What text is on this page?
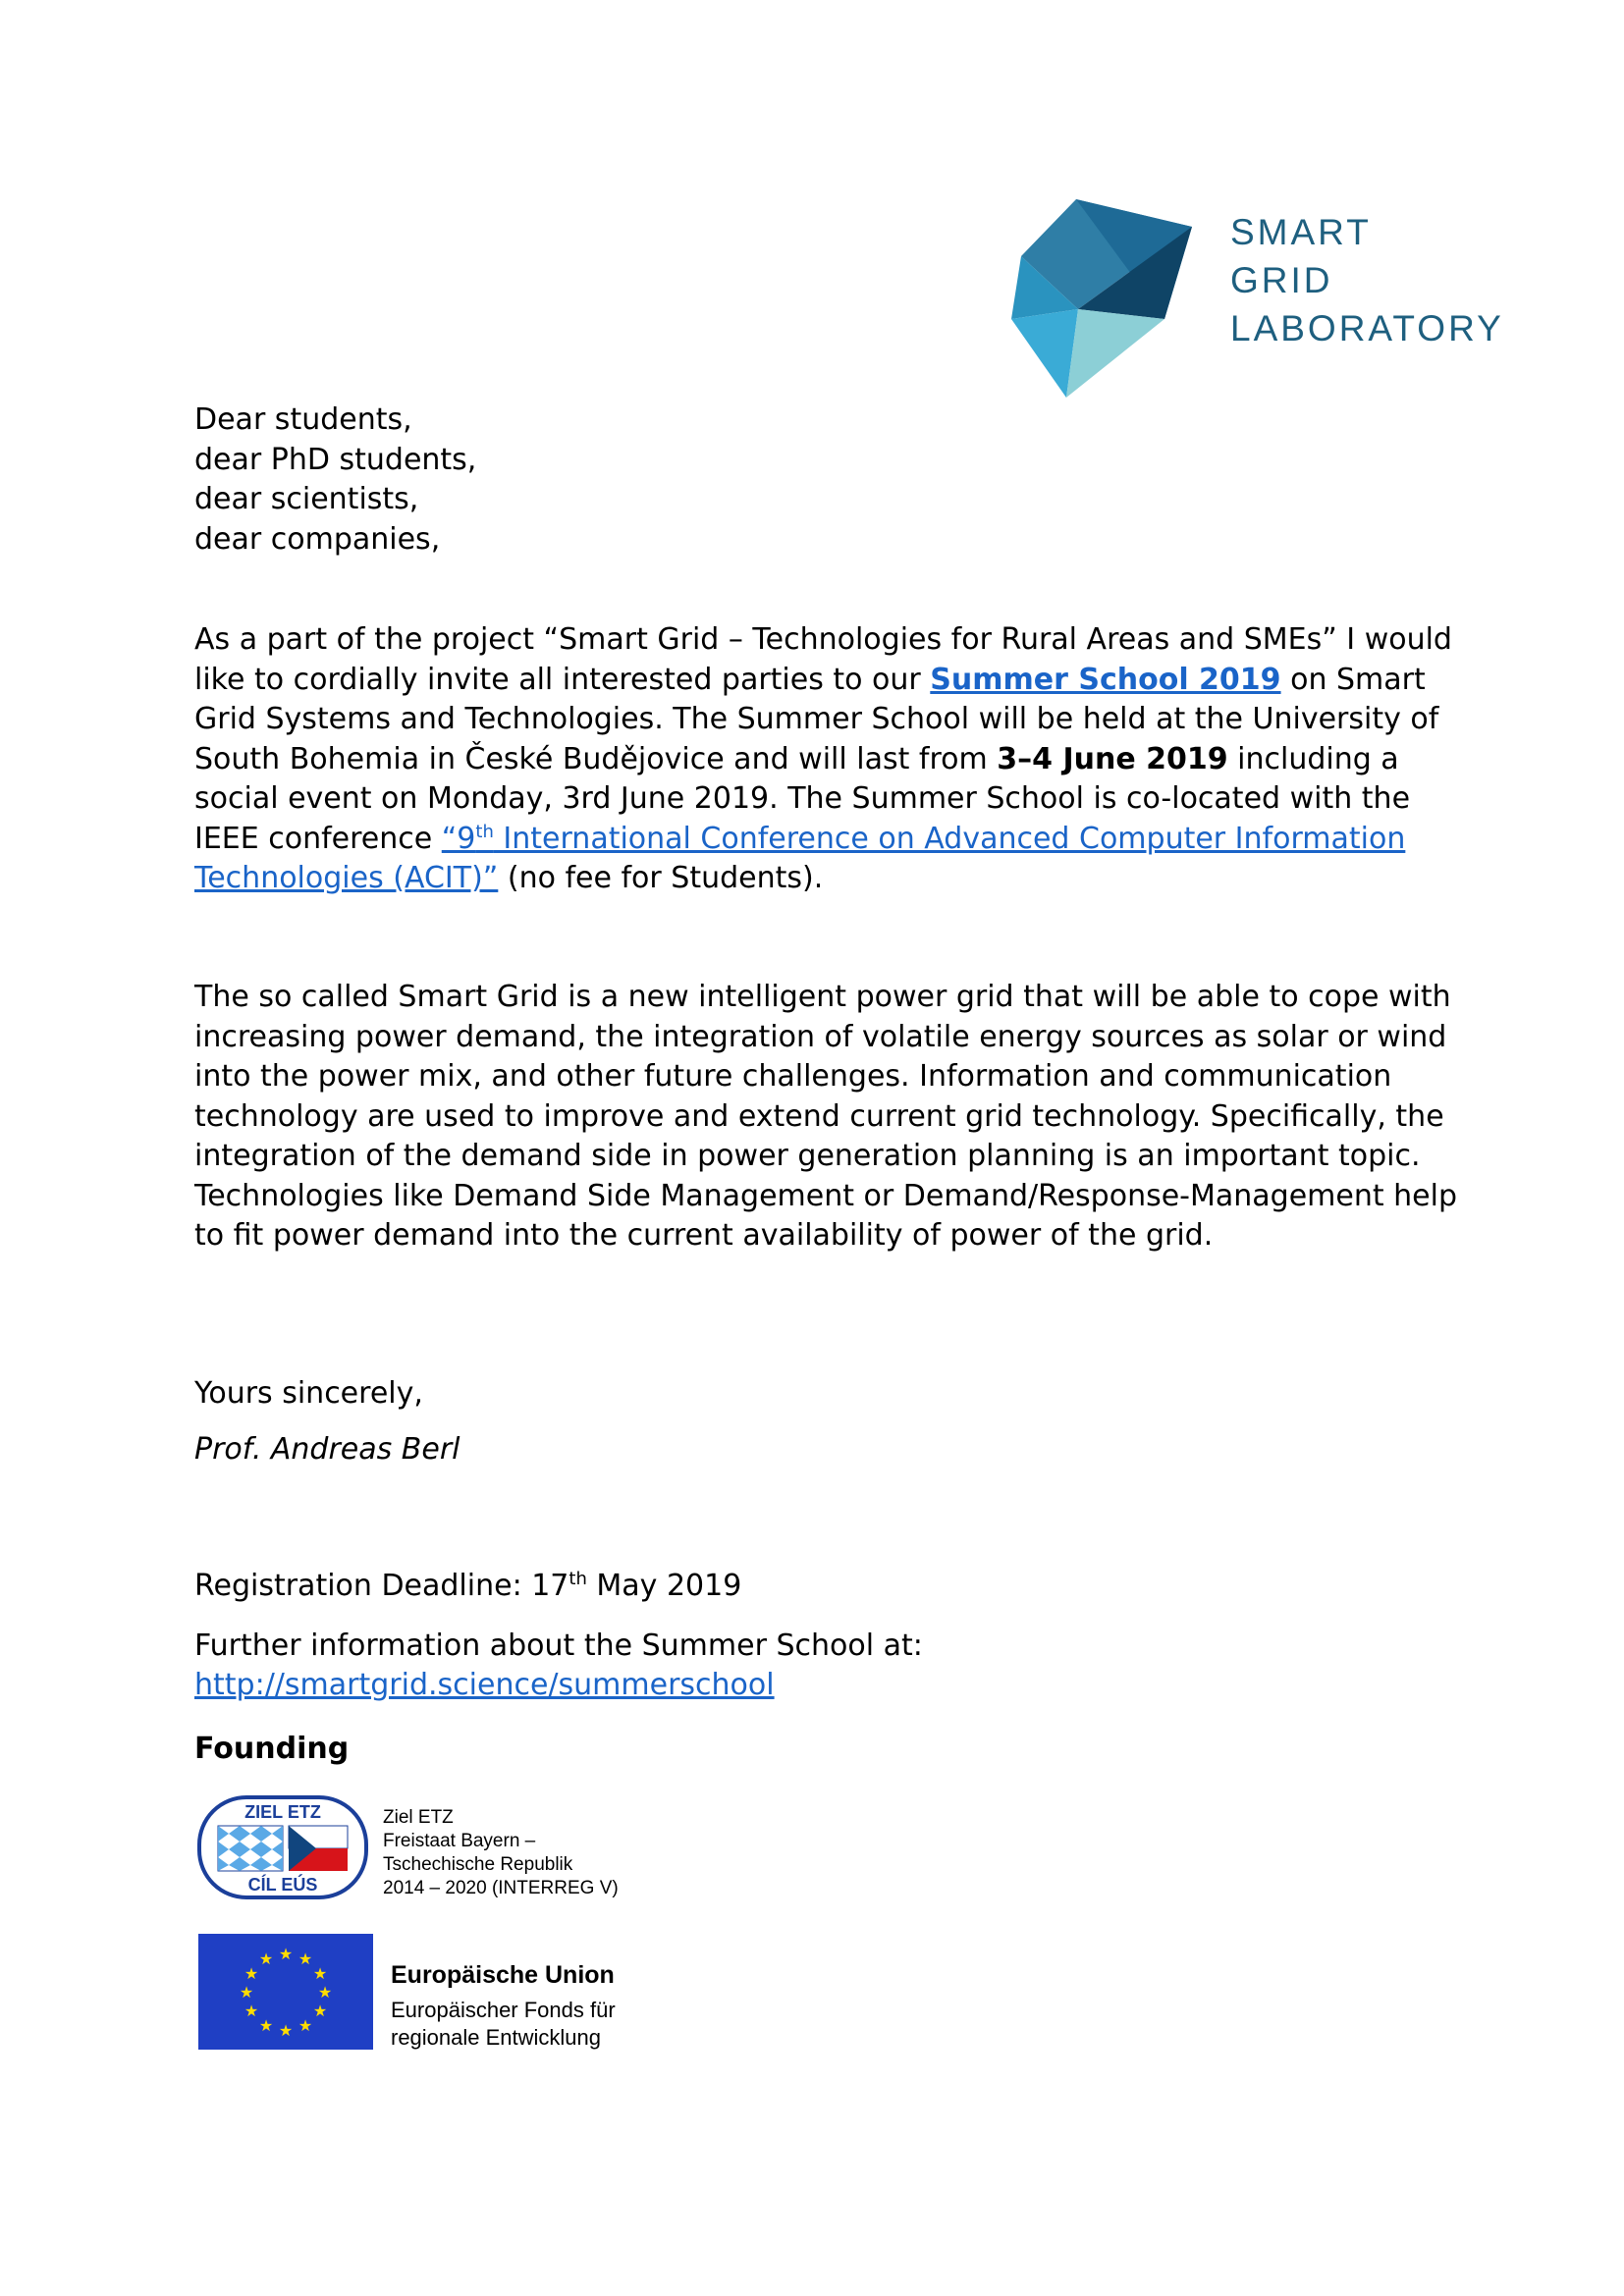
SMART
GRID
LABORATORY
Dear students,
dear PhD students,
dear scientists,
dear companies,

As a part of the project “Smart Grid – Technologies for Rural Areas and SMEs” I would like to cordially invite all interested parties to our Summer School 2019 on Smart Grid Systems and Technologies. The Summer School will be held at the University of South Bohemia in České Budějovice and will last from 3–4 June 2019 including a social event on Monday, 3rd June 2019. The Summer School is co-located with the IEEE conference “9th International Conference on Advanced Computer Information Technologies (ACIT)” (no fee for Students).

The so called Smart Grid is a new intelligent power grid that will be able to cope with increasing power demand, the integration of volatile energy sources as solar or wind into the power mix, and other future challenges. Information and communication technology are used to improve and extend current grid technology. Specifically, the integration of the demand side in power generation planning is an important topic. Technologies like Demand Side Management or Demand/Response-Management help to fit power demand into the current availability of power of the grid.

Yours sincerely,
Prof. Andreas Berl
Registration Deadline: 17th May 2019
Further information about the Summer School at:
http://smartgrid.science/summerschool
Founding
ZIEL ETZ
CÍL EÚS
Ziel ETZ
Freistaat Bayern –
Tschechische Republik
2014 – 2020 (INTERREG V)
★ ★
★
★
★
★
★
★
★
★
★
★
Europäische Union
Europäischer Fonds für
regionale Entwicklung
